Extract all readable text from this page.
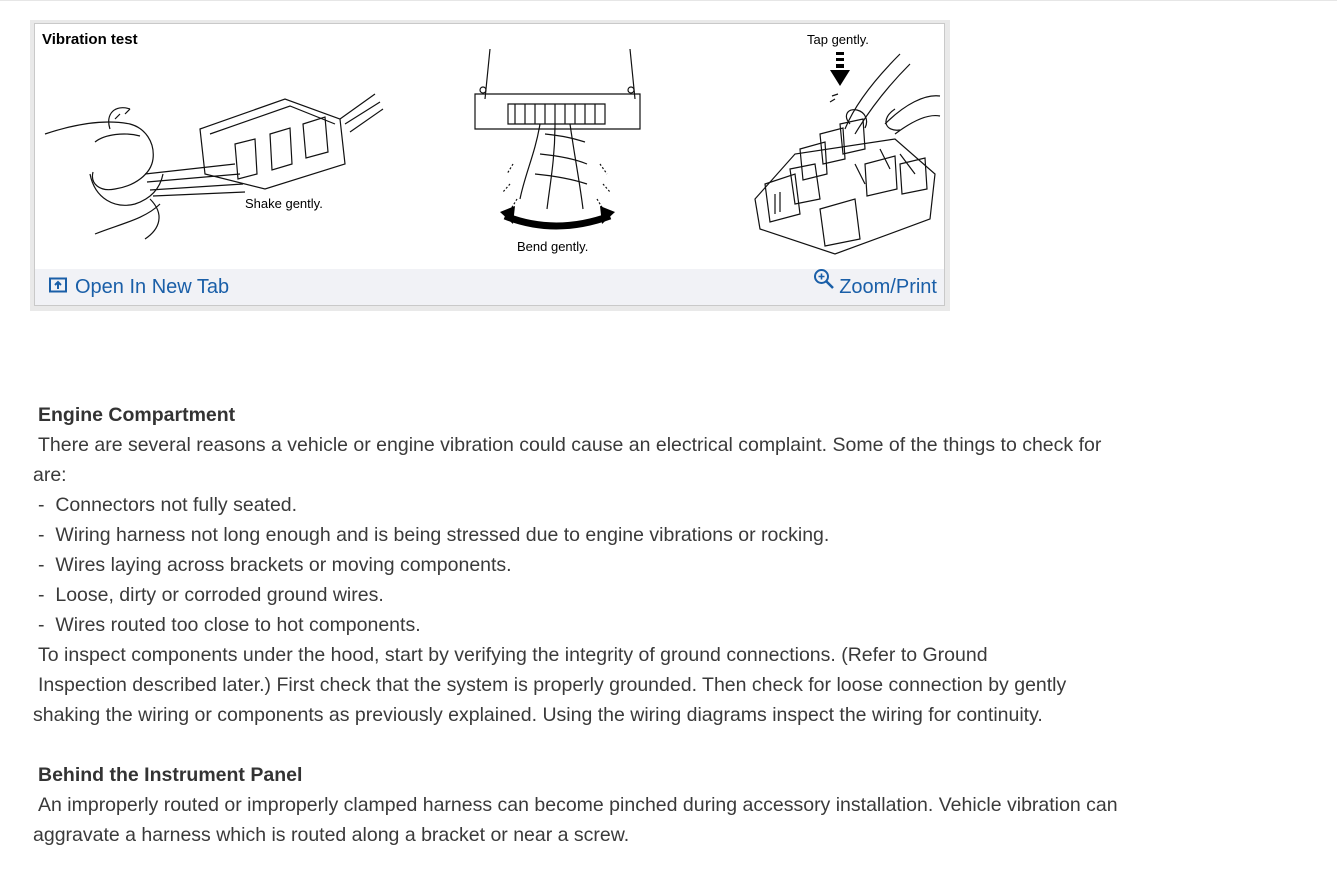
Vibration test
Shake gently.
Bend gently.
Tap gently.
Open In New Tab	Zoom/Print

Engine Compartment

There are several reasons a vehicle or engine vibration could cause an electrical complaint. Some of the things to check for

are:

-  Connectors not fully seated.

-  Wiring harness not long enough and is being stressed due to engine vibrations or rocking.

-  Wires laying across brackets or moving components.

-  Loose, dirty or corroded ground wires.

-  Wires routed too close to hot components.

To inspect components under the hood, start by verifying the integrity of ground connections. (Refer to Ground

Inspection described later.) First check that the system is properly grounded. Then check for loose connection by gently

shaking the wiring or components as previously explained. Using the wiring diagrams inspect the wiring for continuity.

Behind the Instrument Panel

An improperly routed or improperly clamped harness can become pinched during accessory installation. Vehicle vibration can

aggravate a harness which is routed along a bracket or near a screw.
